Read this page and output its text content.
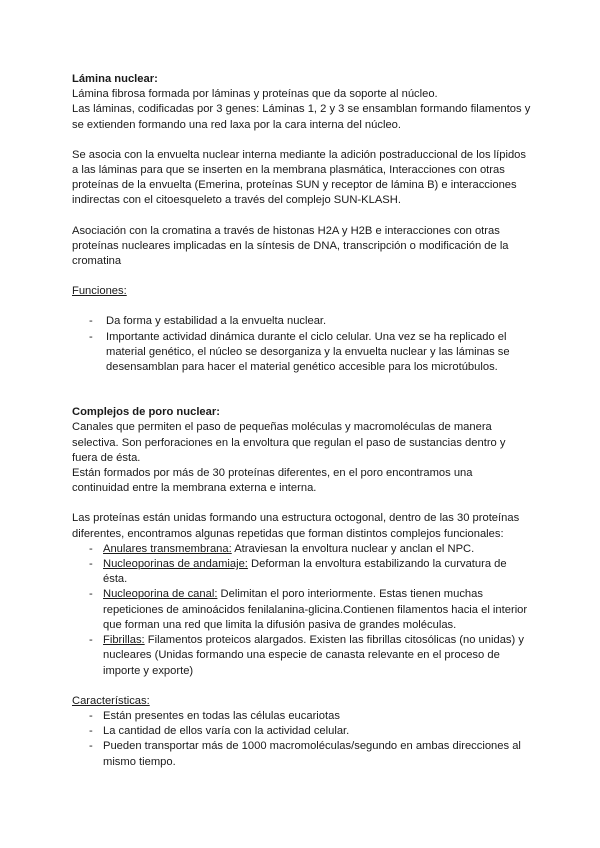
Lámina nuclear:

Lámina fibrosa formada por láminas y proteínas que da soporte al núcleo.

Las láminas, codificadas por 3 genes: Láminas 1, 2 y 3 se ensamblan formando filamentos y se extienden formando una red laxa por la cara interna del núcleo.

Se asocia con la envuelta nuclear interna mediante la adición postraduccional de los lípidos a las láminas para que se inserten en la membrana plasmática, Interacciones con otras proteínas de la envuelta (Emerina, proteínas SUN y receptor de lámina B) e interacciones indirectas con el citoesqueleto a través del complejo SUN-KLASH.

Asociación con la cromatina a través de histonas H2A y H2B e interacciones con otras proteínas nucleares implicadas en la síntesis de DNA, transcripción o modificación de la cromatina

Funciones:

- Da forma y estabilidad a la envuelta nuclear.
- Importante actividad dinámica durante el ciclo celular. Una vez se ha replicado el material genético, el núcleo se desorganiza y la envuelta nuclear y las láminas se desensamblan para hacer el material genético accesible para los microtúbulos.

Complejos de poro nuclear:

Canales que permiten el paso de pequeñas moléculas y macromoléculas de manera selectiva. Son perforaciones en la envoltura que regulan el paso de sustancias dentro y fuera de ésta.

Están formados por más de 30 proteínas diferentes, en el poro encontramos una continuidad entre la membrana externa e interna.

Las proteínas están unidas formando una estructura octogonal, dentro de las 30 proteínas diferentes, encontramos algunas repetidas que forman distintos complejos funcionales:

- Anulares transmembrana: Atraviesan la envoltura nuclear y anclan el NPC.
- Nucleoporinas de andamiaje: Deforman la envoltura estabilizando la curvatura de ésta.
- Nucleoporina de canal: Delimitan el poro interiormente. Estas tienen muchas repeticiones de aminoácidos fenilalanina-glicina.Contienen filamentos hacia el interior que forman una red que limita la difusión pasiva de grandes moléculas.
- Fibrillas: Filamentos proteicos alargados. Existen las fibrillas citosólicas (no unidas) y nucleares (Unidas formando una especie de canasta relevante en el proceso de importe y exporte)

Características:

- Están presentes en todas las células eucariotas
- La cantidad de ellos varía con la actividad celular.
- Pueden transportar más de 1000 macromoléculas/segundo en ambas direcciones al mismo tiempo.
